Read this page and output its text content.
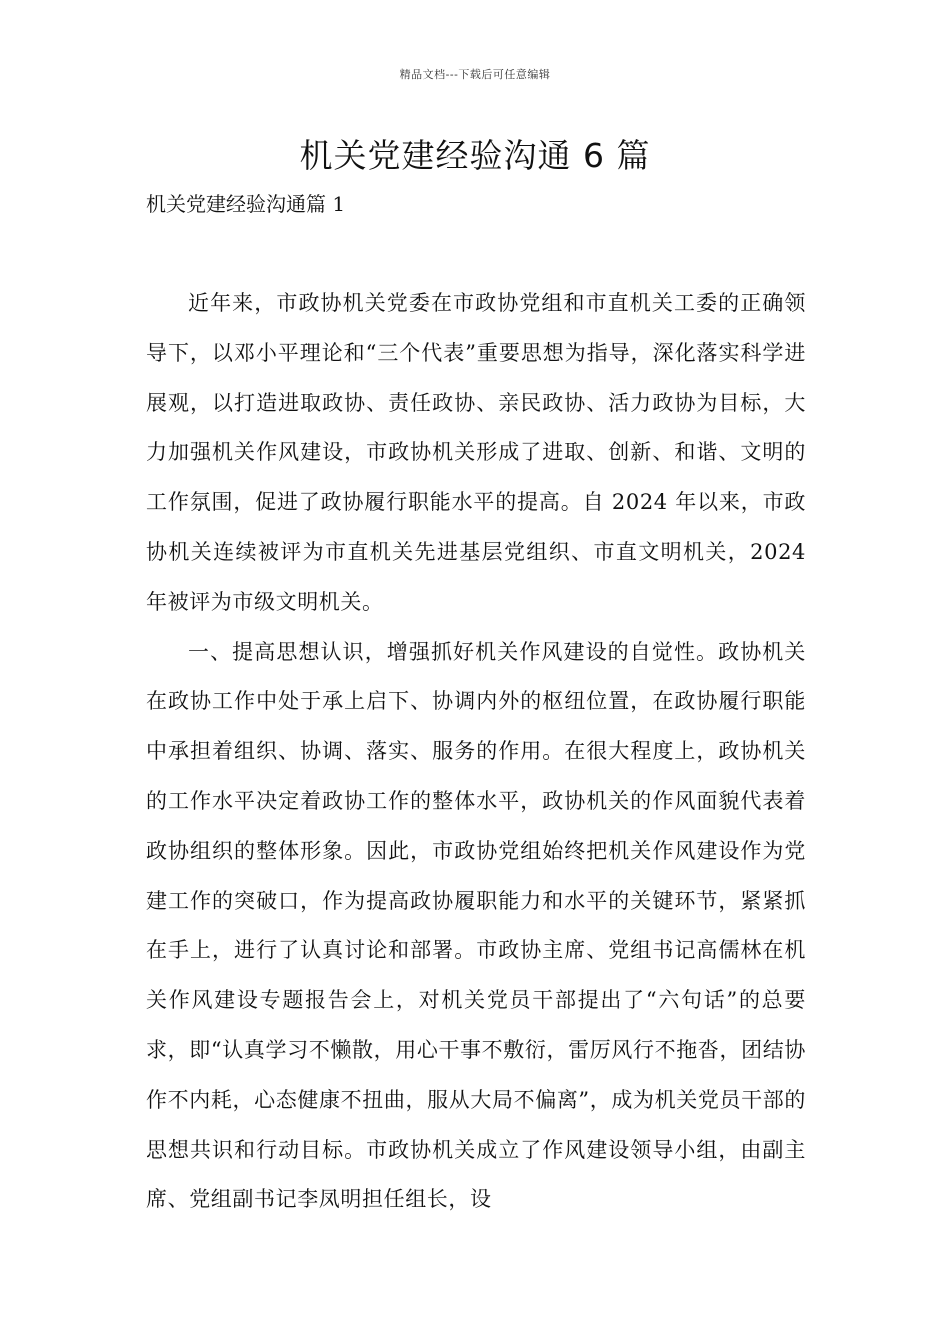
精品文档---下载后可任意编辑
机关党建经验沟通 6 篇
机关党建经验沟通篇 1

近年来，市政协机关党委在市政协党组和市直机关工委的正确领导下，以邓小平理论和“三个代表”重要思想为指导，深化落实科学进展观，以打造进取政协、责任政协、亲民政协、活力政协为目标，大力加强机关作风建设，市政协机关形成了进取、创新、和谐、文明的工作氛围，促进了政协履行职能水平的提高。自 2024 年以来，市政协机关连续被评为市直机关先进基层党组织、市直文明机关，2024 年被评为市级文明机关。

一、提高思想认识，增强抓好机关作风建设的自觉性。政协机关在政协工作中处于承上启下、协调内外的枢纽位置，在政协履行职能中承担着组织、协调、落实、服务的作用。在很大程度上，政协机关的工作水平决定着政协工作的整体水平，政协机关的作风面貌代表着政协组织的整体形象。因此，市政协党组始终把机关作风建设作为党建工作的突破口，作为提高政协履职能力和水平的关键环节，紧紧抓在手上，进行了认真讨论和部署。市政协主席、党组书记高儒林在机关作风建设专题报告会上，对机关党员干部提出了“六句话”的总要求，即“认真学习不懒散，用心干事不敷衍，雷厉风行不拖沓，团结协作不内耗，心态健康不扭曲，服从大局不偏离”，成为机关党员干部的思想共识和行动目标。市政协机关成立了作风建设领导小组，由副主席、党组副书记李凤明担任组长，设
